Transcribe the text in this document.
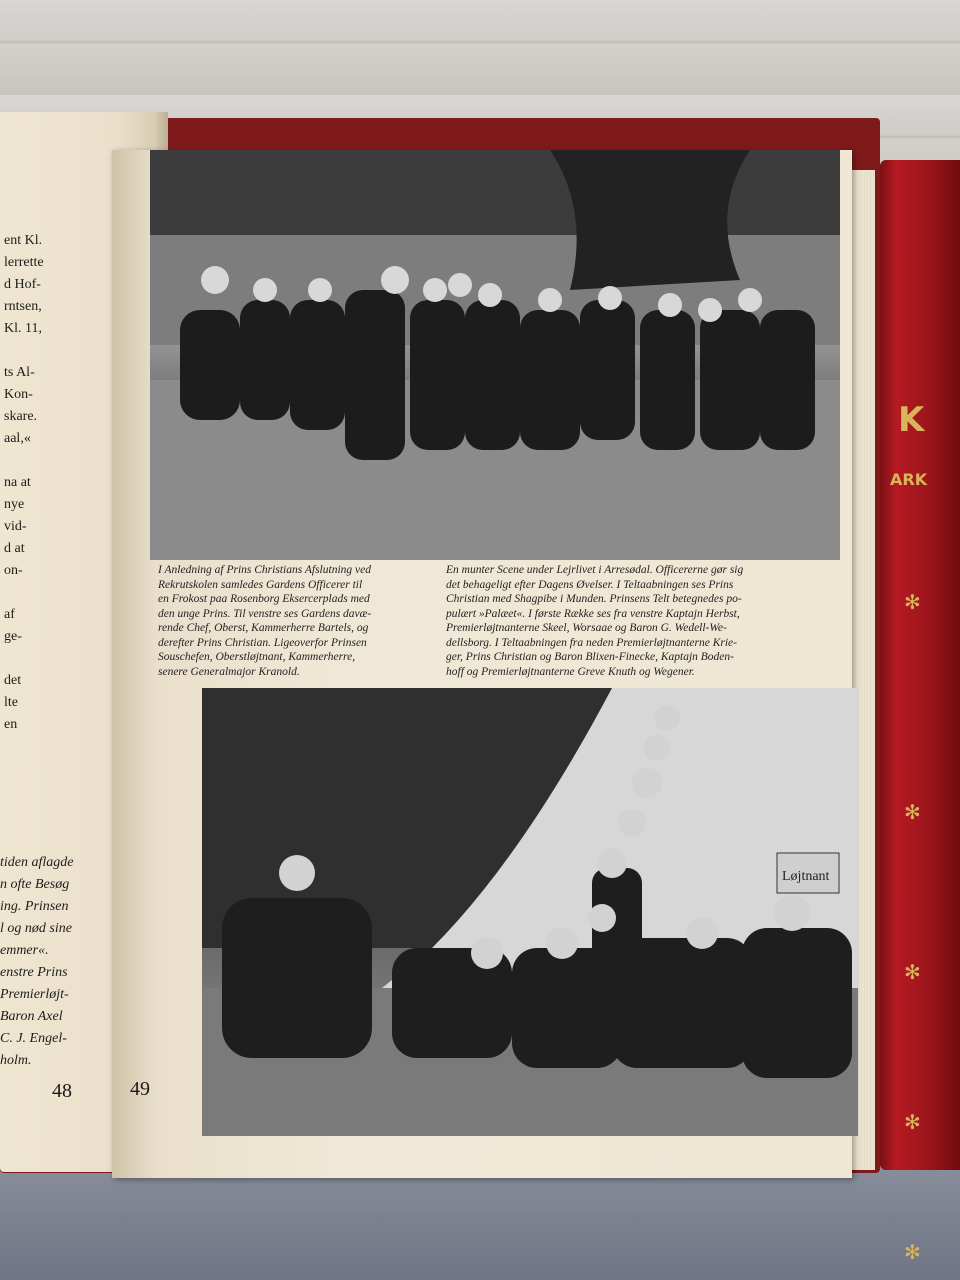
K
ARK
✻
✻
✻
✻
✻
ent Kl.
lerrette
d Hof-
rntsen,
Kl. 11,

ts Al-
Kon-
skare.
aal,«

na at
nye
vid-
d at
on-

af
ge-

det
lte
en
tiden aflagde
n ofte Besøg
ing. Prinsen
l og nød sine
emmer«.
enstre Prins
Premierløjt-
Baron Axel
C. J. Engel-
holm.
48	49
I Anledning af Prins Christians Afslutning ved
Rekrutskolen samledes Gardens Officerer til
en Frokost paa Rosenborg Eksercerplads med
den unge Prins. Til venstre ses Gardens davæ-
rende Chef, Oberst, Kammerherre Bartels, og
derefter Prins Christian. Ligeoverfor Prinsen
Souschefen, Oberstløjtnant, Kammerherre,
senere Generalmajor Kranold.
En munter Scene under Lejrlivet i Arresødal. Officererne gør sig
det behageligt efter Dagens Øvelser. I Teltaabningen ses Prins
Christian med Shagpibe i Munden. Prinsens Telt betegnedes po-
pulært »Palæet«. I første Række ses fra venstre Kaptajn Herbst,
Premierløjtnanterne Skeel, Worsaae og Baron G. Wedell-We-
dellsborg. I Teltaabningen fra neden Premierløjtnanterne Krie-
ger, Prins Christian og Baron Blixen-Finecke, Kaptajn Boden-
hoff og Premierløjtnanterne Greve Knuth og Wegener.
Løjtnant
